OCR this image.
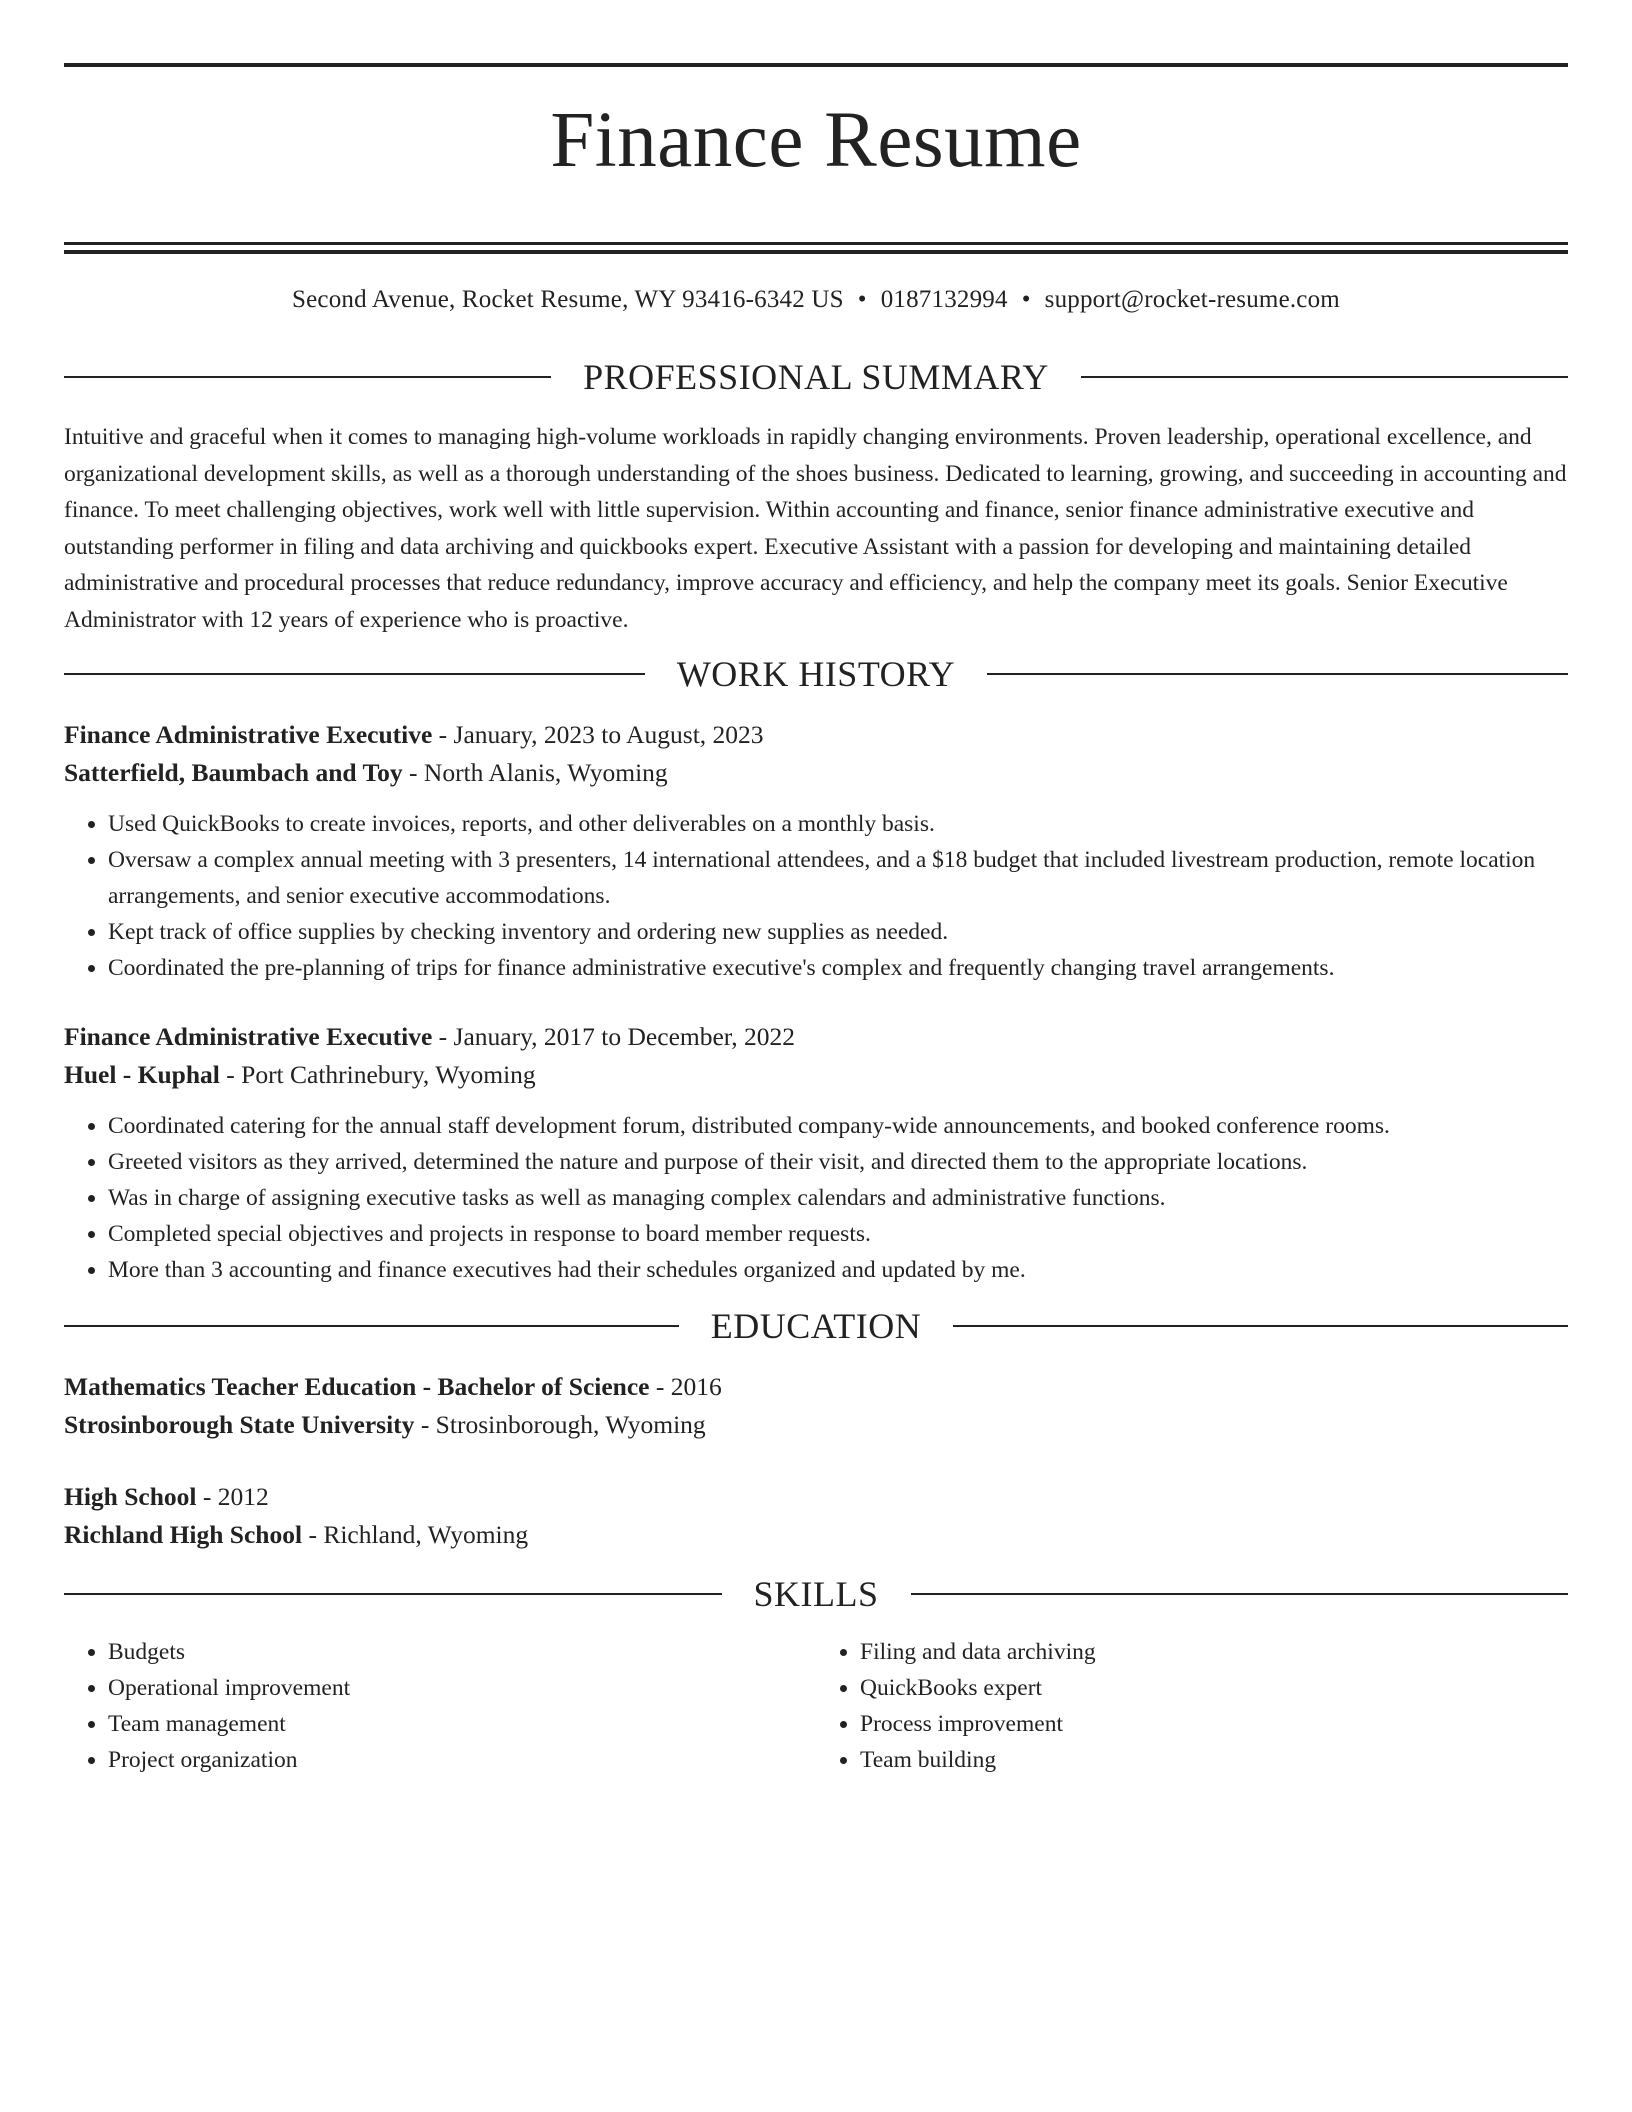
Finance Resume
Second Avenue, Rocket Resume, WY 93416-6342 US • 0187132994 • support@rocket-resume.com
PROFESSIONAL SUMMARY

Intuitive and graceful when it comes to managing high-volume workloads in rapidly changing environments. Proven leadership, operational excellence, and organizational development skills, as well as a thorough understanding of the shoes business. Dedicated to learning, growing, and succeeding in accounting and finance. To meet challenging objectives, work well with little supervision. Within accounting and finance, senior finance administrative executive and outstanding performer in filing and data archiving and quickbooks expert. Executive Assistant with a passion for developing and maintaining detailed administrative and procedural processes that reduce redundancy, improve accuracy and efficiency, and help the company meet its goals. Senior Executive Administrator with 12 years of experience who is proactive.

WORK HISTORY
Finance Administrative Executive - January, 2023 to August, 2023
Satterfield, Baumbach and Toy - North Alanis, Wyoming
• Used QuickBooks to create invoices, reports, and other deliverables on a monthly basis.
• Oversaw a complex annual meeting with 3 presenters, 14 international attendees, and a $18 budget that included livestream production, remote location arrangements, and senior executive accommodations.
• Kept track of office supplies by checking inventory and ordering new supplies as needed.
• Coordinated the pre-planning of trips for finance administrative executive's complex and frequently changing travel arrangements.
Finance Administrative Executive - January, 2017 to December, 2022
Huel - Kuphal - Port Cathrinebury, Wyoming
• Coordinated catering for the annual staff development forum, distributed company-wide announcements, and booked conference rooms.
• Greeted visitors as they arrived, determined the nature and purpose of their visit, and directed them to the appropriate locations.
• Was in charge of assigning executive tasks as well as managing complex calendars and administrative functions.
• Completed special objectives and projects in response to board member requests.
• More than 3 accounting and finance executives had their schedules organized and updated by me.
EDUCATION
Mathematics Teacher Education - Bachelor of Science - 2016
Strosinborough State University - Strosinborough, Wyoming
High School - 2012
Richland High School - Richland, Wyoming
SKILLS
• Budgets
• Operational improvement
• Team management
• Project organization
• Filing and data archiving
• QuickBooks expert
• Process improvement
• Team building
